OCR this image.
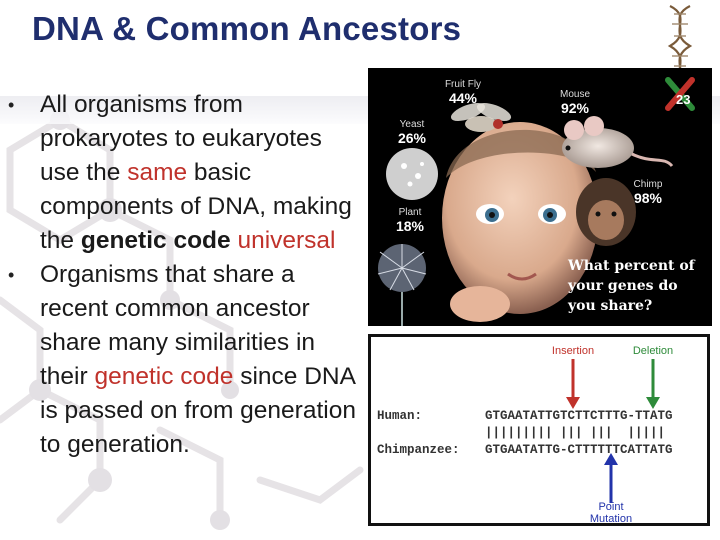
DNA & Common Ancestors
• All organisms from prokaryotes to eukaryotes use the same basic components of DNA, making the genetic code universal
• Organisms that share a recent common ancestor share many similarities in their genetic code since DNA is passed on from generation to generation.
Fruit Fly
44%	Mouse
92%
Yeast
26%
Chimp
98%
Plant
18%
What percent of your genes do you share?
23
Insertion	Deletion
Point Mutation
Human:	GTGAATATTGTCTTCTTTG-TTATG
||||||||| ||| |||  |||||
Chimpanzee: GTGAATATTG-CTTTTTTCATTATG
